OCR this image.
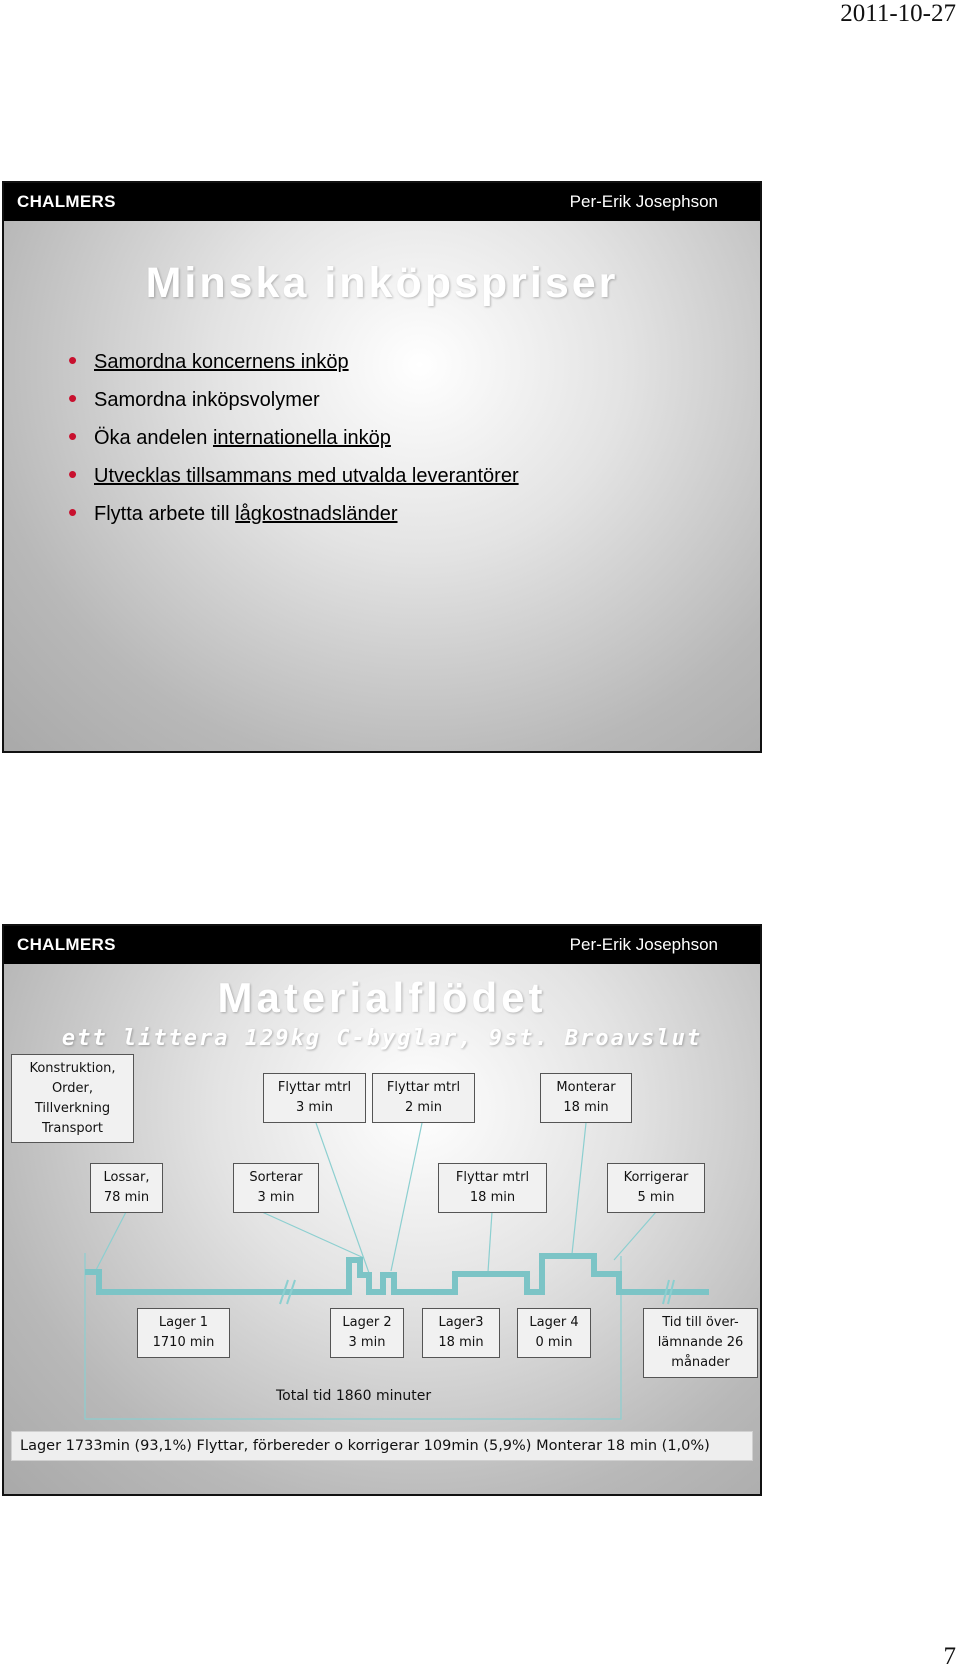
2011-10-27
CHALMERS	Per-Erik Josephson
Minska inköpspriser
• Samordna koncernens inköp
• Samordna inköpsvolymer
• Öka andelen internationella inköp
• Utvecklas tillsammans med utvalda leverantörer
• Flytta arbete till lågkostnadsländer
CHALMERS	Per-Erik Josephson
Materialflödet
ett littera 129kg C-byglar, 9st. Broavslut
Konstruktion,
Order,
Tillverkning
Transport
Flyttar mtrl
3 min
Flyttar mtrl
2 min
Monterar
18 min
Lossar,
78 min
Sorterar
3 min
Flyttar mtrl
18 min
Korrigerar
5 min
Lager 1
1710 min
Lager 2
3 min
Lager3
18 min
Lager 4
0 min
Tid till över-
lämnande 26
månader
Total tid 1860 minuter
Lager 1733min (93,1%) Flyttar, förbereder o korrigerar 109min (5,9%) Monterar 18 min (1,0%)
7
